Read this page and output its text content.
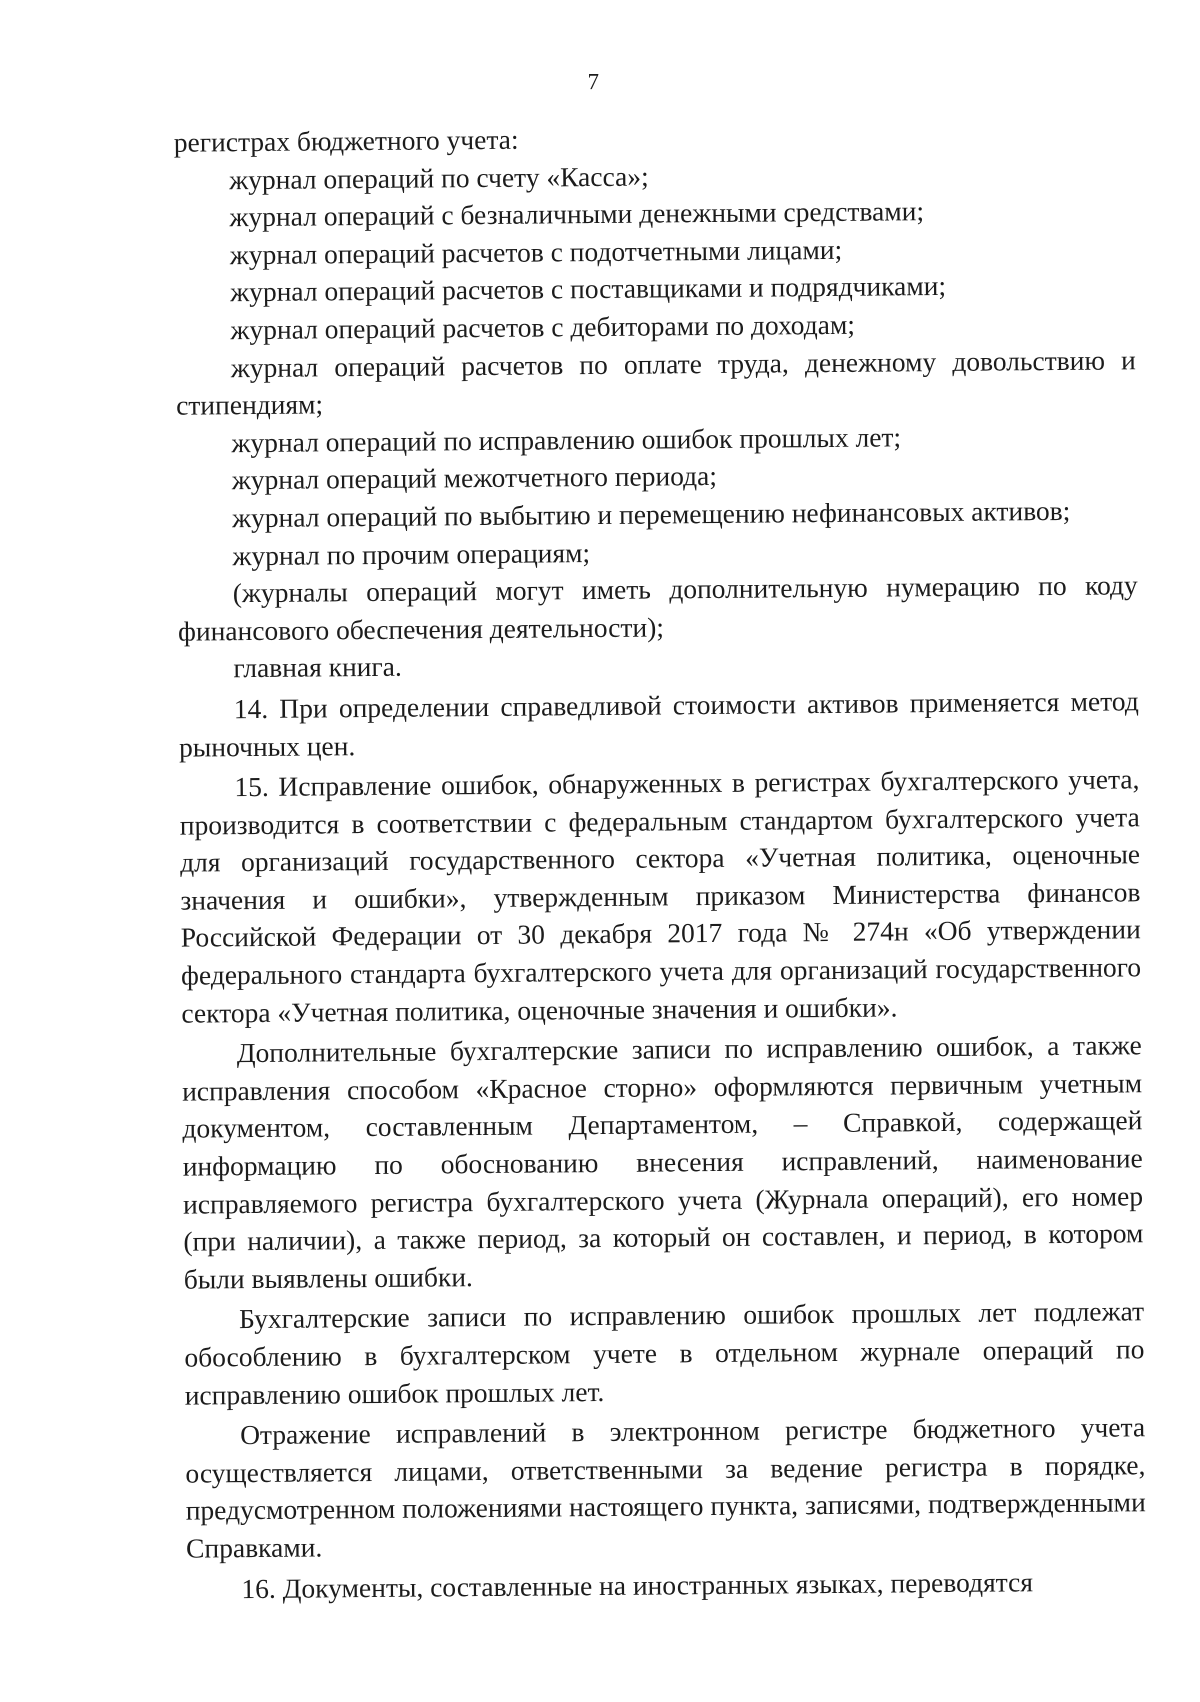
7

регистрах бюджетного учета:

журнал операций по счету «Касса»;

журнал операций с безналичными денежными средствами;

журнал операций расчетов с подотчетными лицами;

журнал операций расчетов с поставщиками и подрядчиками;

журнал операций расчетов с дебиторами по доходам;

журнал операций расчетов по оплате труда, денежному довольствию и стипендиям;

журнал операций по исправлению ошибок прошлых лет;

журнал операций межотчетного периода;

журнал операций по выбытию и перемещению нефинансовых активов;

журнал по прочим операциям;

(журналы операций могут иметь дополнительную нумерацию по коду финансового обеспечения деятельности);

главная книга.

14. При определении справедливой стоимости активов применяется метод рыночных цен.

15. Исправление ошибок, обнаруженных в регистрах бухгалтерского учета, производится в соответствии с федеральным стандартом бухгалтерского учета для организаций государственного сектора «Учетная политика, оценочные значения и ошибки», утвержденным приказом Министерства финансов Российской Федерации от 30 декабря 2017 года № 274н «Об утверждении федерального стандарта бухгалтерского учета для организаций государственного сектора «Учетная политика, оценочные значения и ошибки».

Дополнительные бухгалтерские записи по исправлению ошибок, а также исправления способом «Красное сторно» оформляются первичным учетным документом, составленным Департаментом, – Справкой, содержащей информацию по обоснованию внесения исправлений, наименование исправляемого регистра бухгалтерского учета (Журнала операций), его номер (при наличии), а также период, за который он составлен, и период, в котором были выявлены ошибки.

Бухгалтерские записи по исправлению ошибок прошлых лет подлежат обособлению в бухгалтерском учете в отдельном журнале операций по исправлению ошибок прошлых лет.

Отражение исправлений в электронном регистре бюджетного учета осуществляется лицами, ответственными за ведение регистра в порядке, предусмотренном положениями настоящего пункта, записями, подтвержденными Справками.

16. Документы, составленные на иностранных языках, переводятся
